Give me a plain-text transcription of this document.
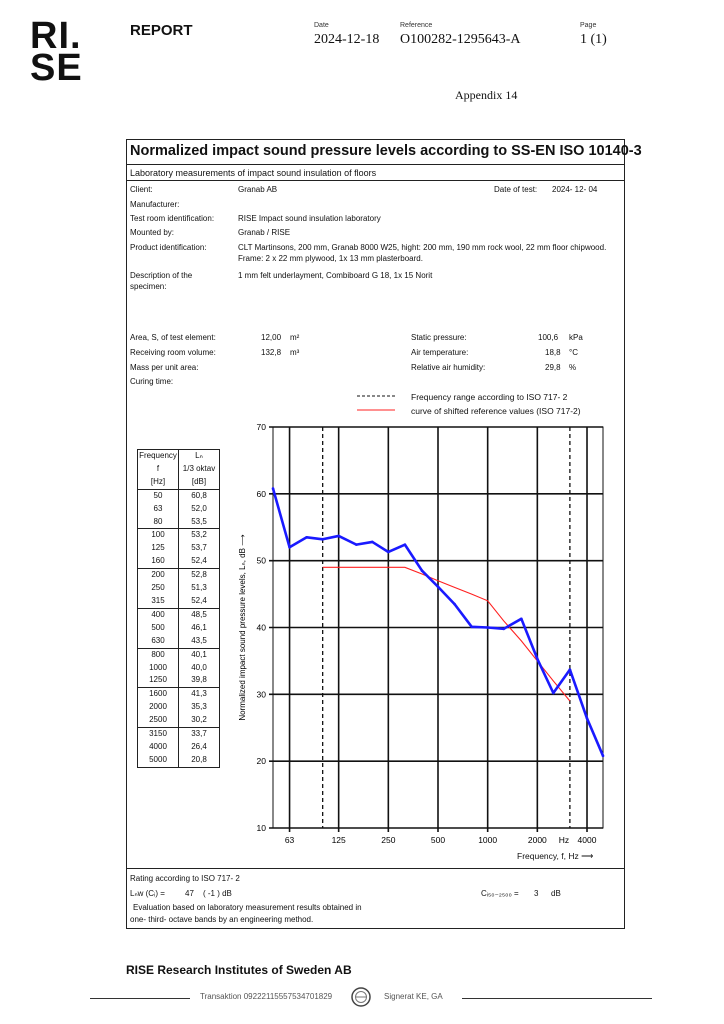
RI.
SE
REPORT	Date
2024-12-18
Reference
O100282-1295643-A
Page
1 (1)
Appendix 14
Normalized impact sound pressure levels according to SS-EN ISO 10140-3
Laboratory measurements of impact sound insulation of floors
Client:	Granab AB	Date of test: 2024- 12- 04
Manufacturer:
Test room identification:	RISE Impact sound insulation laboratory
Mounted by:	Granab / RISE
Product identification:	CLT Martinsons, 200 mm, Granab 8000 W25, hight: 200 mm, 190 mm rock wool, 22 mm floor chipwood. Frame: 2 x 22 mm plywood, 1x 13 mm plasterboard.
Description of the specimen:
1 mm felt underlayment, Combiboard G 18, 1x 15 Norit
Area, S, of test element:	12,00 m²
Receiving room volume:	132,8 m³
Mass per unit area:
Curing time:
Static pressure:	100,6 kPa
Air temperature:	18,8 °C
Relative air humidity:	29,8 %
Frequency range according to ISO 717- 2
curve of shifted reference values (ISO 717-2)
Frequency	Lₙ
f	1/3 oktav
[Hz]	[dB]
50	60,8
63	52,0
80	53,5
100	53,2
125	53,7
160	52,4
200	52,8
250	51,3
315	52,4
400	48,5
500	46,1
630	43,5
800	40,1
1000	40,0
1250	39,8
1600	41,3
2000	35,3
2500	30,2
3150	33,7
4000	26,4
5000	20,8
10
20
30
40
50
60
70
63	125	250	500	1000	2000 Hz 4000
Normalized impact sound pressure levels, Lₙ, dB ⟶
Frequency, f, Hz ⟶
Rating according to ISO 717- 2
Lₙw (Cᵢ) =	47 ( -1 ) dB	Cᵢ₅₀₋₂₅₀₀ = 3 dB
Evaluation based on laboratory measurement results obtained in
one- third- octave bands by an engineering method.
RISE Research Institutes of Sweden AB
Transaktion 09222115557534701829	Signerat KE, GA
